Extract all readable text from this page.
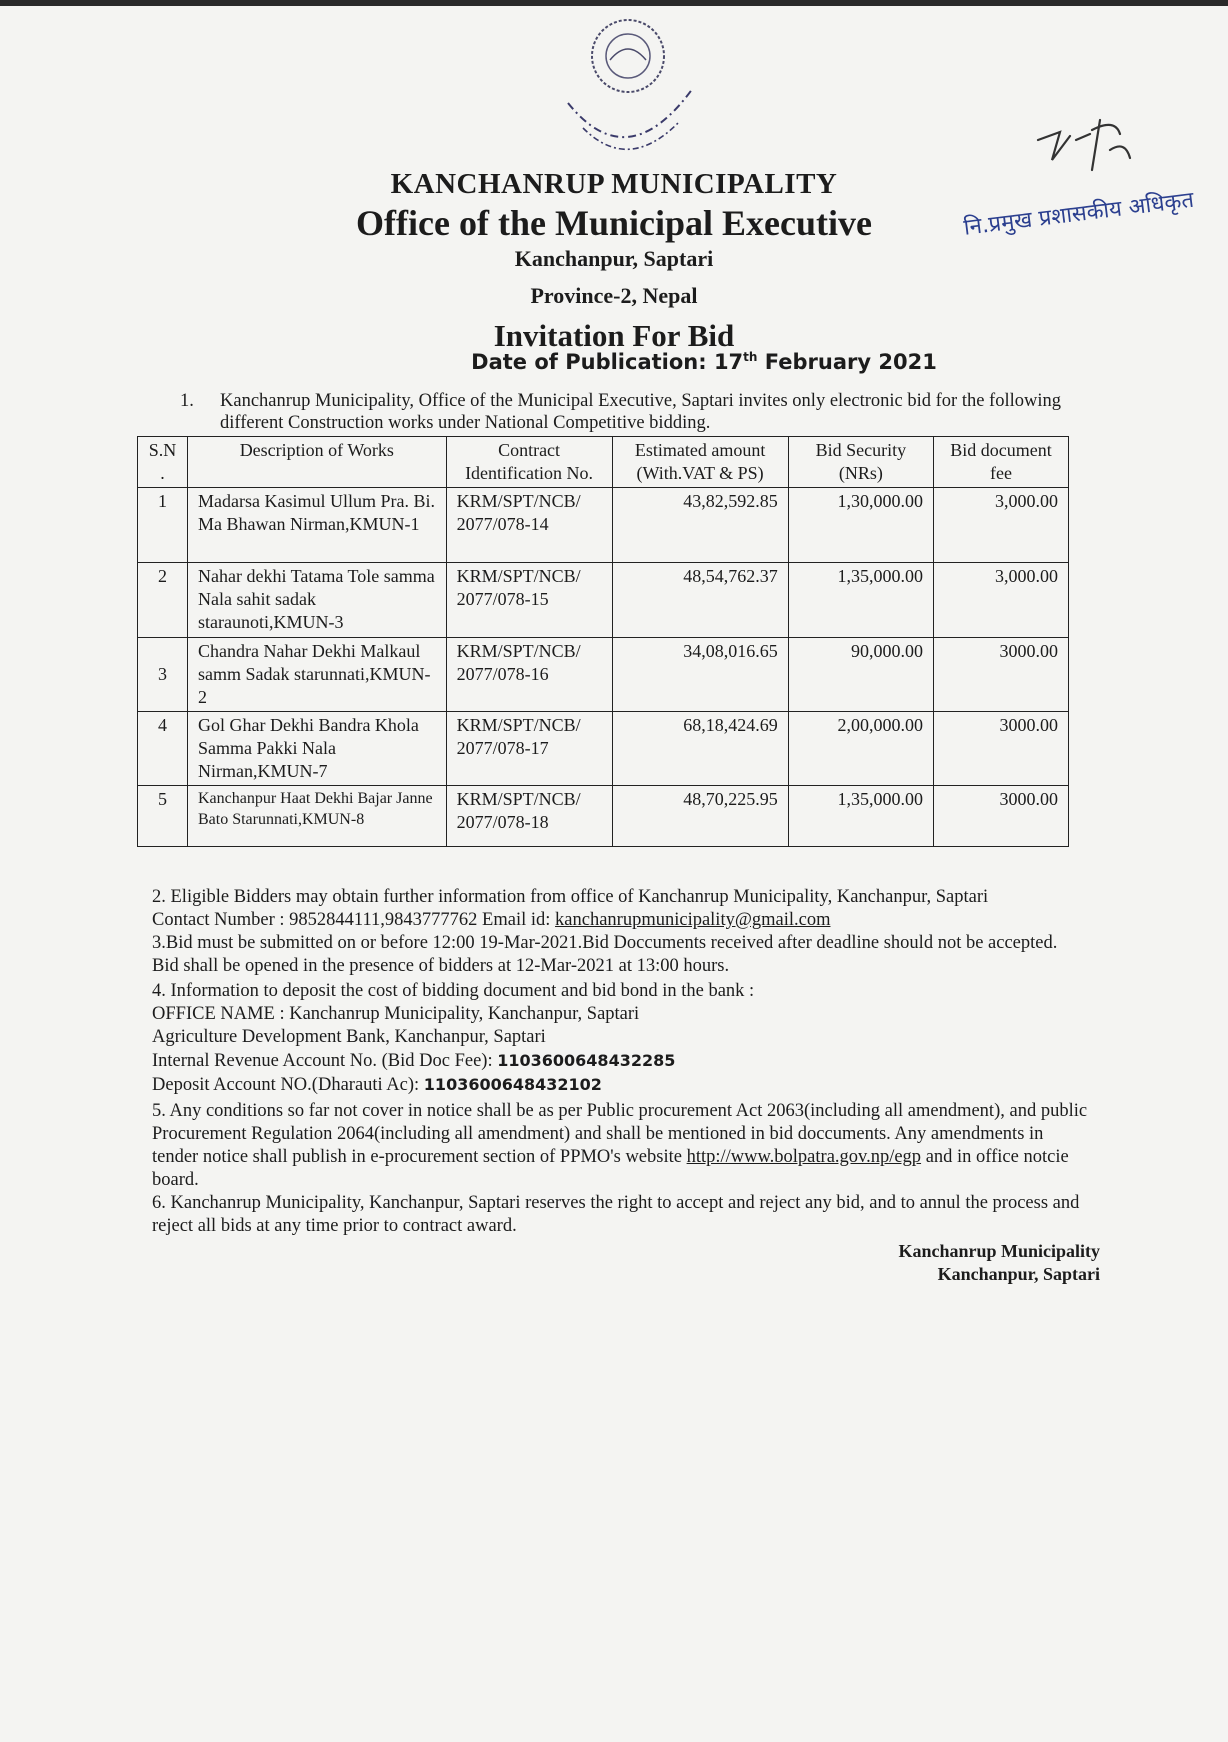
KANCHANRUP MUNICIPALITY
Office of the Municipal Executive
Kanchanpur, Saptari
Province-2, Nepal
Invitation For Bid
Date of Publication: 17th February 2021
नि.प्रमुख प्रशासकीय अधिकृत
1. Kanchanrup Municipality, Office of the Municipal Executive, Saptari invites only electronic bid for the following different Construction works under National Competitive bidding.
S.N .	Description of Works	Contract Identification No.	Estimated amount (With.VAT & PS)	Bid Security (NRs)	Bid document fee
1	Madarsa Kasimul Ullum Pra. Bi. Ma Bhawan Nirman,KMUN-1	KRM/SPT/NCB/ 2077/078-14	43,82,592.85	1,30,000.00	3,000.00
2	Nahar dekhi Tatama Tole samma Nala sahit sadak staraunoti,KMUN-3	KRM/SPT/NCB/ 2077/078-15	48,54,762.37	1,35,000.00	3,000.00
3	Chandra Nahar Dekhi Malkaul samm Sadak starunnati,KMUN-2	KRM/SPT/NCB/ 2077/078-16	34,08,016.65	90,000.00	3000.00
4	Gol Ghar Dekhi Bandra Khola Samma Pakki Nala Nirman,KMUN-7	KRM/SPT/NCB/ 2077/078-17	68,18,424.69	2,00,000.00	3000.00
5	Kanchanpur Haat Dekhi Bajar Janne Bato Starunnati,KMUN-8	KRM/SPT/NCB/ 2077/078-18	48,70,225.95	1,35,000.00	3000.00
2. Eligible Bidders may obtain further information from office of Kanchanrup Municipality, Kanchanpur, Saptari
Contact Number : 9852844111,9843777762 Email id: kanchanrupmunicipality@gmail.com
3.Bid must be submitted on or before 12:00 19-Mar-2021.Bid Doccuments received after deadline should not be accepted.
Bid shall be opened in the presence of bidders at 12-Mar-2021 at 13:00 hours.
4. Information to deposit the cost of bidding document and bid bond in the bank :
OFFICE NAME : Kanchanrup Municipality, Kanchanpur, Saptari
Agriculture Development Bank, Kanchanpur, Saptari
Internal Revenue Account No. (Bid Doc Fee): 1103600648432285
Deposit Account NO.(Dharauti Ac): 1103600648432102
5. Any conditions so far not cover in notice shall be as per Public procurement Act 2063(including all amendment), and public Procurement Regulation 2064(including all amendment) and shall be mentioned in bid doccuments. Any amendments in tender notice shall publish in e-procurement section of PPMO's website http://www.bolpatra.gov.np/egp and in office notcie board.
6. Kanchanrup Municipality, Kanchanpur, Saptari reserves the right to accept and reject any bid, and to annul the process and reject all bids at any time prior to contract award.
Kanchanrup Municipality
Kanchanpur, Saptari
